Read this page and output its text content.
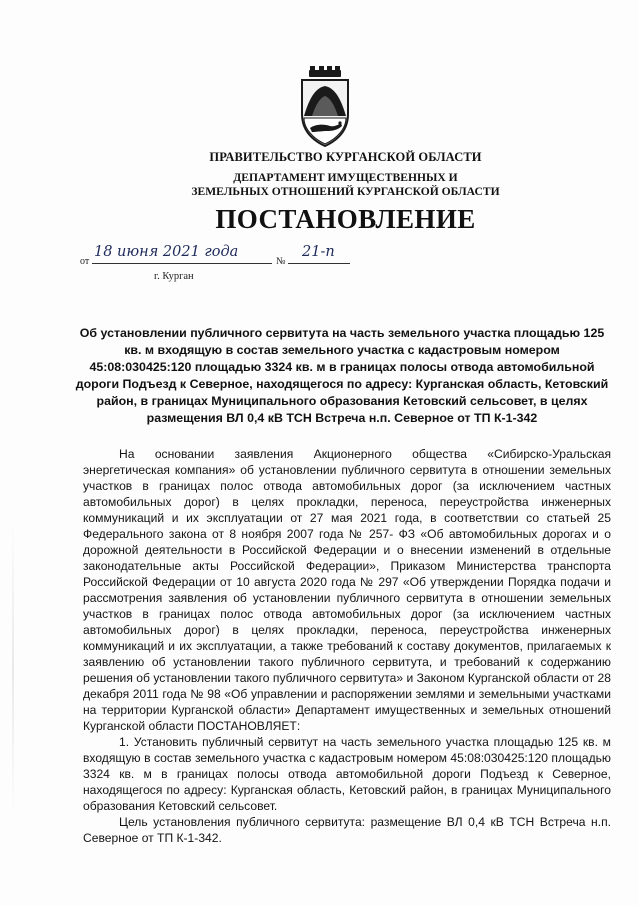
ПРАВИТЕЛЬСТВО КУРГАНСКОЙ ОБЛАСТИ
ДЕПАРТАМЕНТ ИМУЩЕСТВЕННЫХ И
ЗЕМЕЛЬНЫХ ОТНОШЕНИЙ КУРГАНСКОЙ ОБЛАСТИ
ПОСТАНОВЛЕНИЕ
от
18 июня 2021 года
№
21-п
г. Курган
Об установлении публичного сервитута на часть земельного участка площадью 125 кв. м входящую в состав земельного участка с кадастровым номером 45:08:030425:120 площадью 3324 кв. м в границах полосы отвода автомобильной дороги Подъезд к Северное, находящегося по адресу: Курганская область, Кетовский район, в границах Муниципального образования Кетовский сельсовет, в целях размещения ВЛ 0,4 кВ ТСН Встреча н.п. Северное от ТП К-1-342

На основании заявления Акционерного общества «Сибирско-Уральская энергетическая компания» об установлении публичного сервитута в отношении земельных участков в границах полос отвода автомобильных дорог (за исключением частных автомобильных дорог) в целях прокладки, переноса, переустройства инженерных коммуникаций и их эксплуатации от 27 мая 2021 года, в соответствии со статьей 25 Федерального закона от 8 ноября 2007 года № 257- ФЗ «Об автомобильных дорогах и о дорожной деятельности в Российской Федерации и о внесении изменений в отдельные законодательные акты Российской Федерации», Приказом Министерства транспорта Российской Федерации от 10 августа 2020 года № 297 «Об утверждении Порядка подачи и рассмотрения заявления об установлении публичного сервитута в отношении земельных участков в границах полос отвода автомобильных дорог (за исключением частных автомобильных дорог) в целях прокладки, переноса, переустройства инженерных коммуникаций и их эксплуатации, а также требований к составу документов, прилагаемых к заявлению об установлении такого публичного сервитута, и требований к содержанию решения об установлении такого публичного сервитута» и Законом Курганской области от 28 декабря 2011 года № 98 «Об управлении и распоряжении землями и земельными участками на территории Курганской области» Департамент имущественных и земельных отношений Курганской области ПОСТАНОВЛЯЕТ:

1. Установить публичный сервитут на часть земельного участка площадью 125 кв. м входящую в состав земельного участка с кадастровым номером 45:08:030425:120 площадью 3324 кв. м в границах полосы отвода автомобильной дороги Подъезд к Северное, находящегося по адресу: Курганская область, Кетовский район, в границах Муниципального образования Кетовский сельсовет.

Цель установления публичного сервитута: размещение ВЛ 0,4 кВ ТСН Встреча н.п. Северное от ТП К-1-342.
